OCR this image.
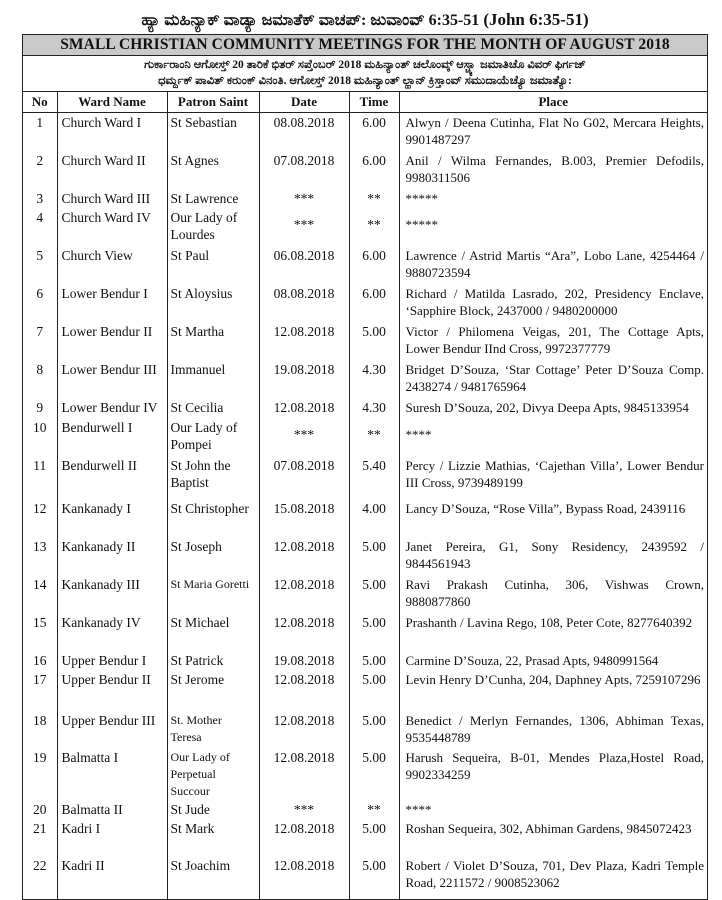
ಹ್ಯಾ ಮಹಿನ್ಯಾಕ್ ವಾಡ್ಯಾ ಜಮಾತೆಕ್ ವಾಚಪ್: ಜುವಾಂವ್ 6:35-51 (John 6:35-51)
SMALL CHRISTIAN COMMUNITY MEETINGS FOR THE MONTH OF AUGUST 2018
ಗುರ್ಕಾರಾಂನಿ ಆಗೋಸ್ತ್ 20 ತಾರಿಕೆ ಭಿತರ್ ಸಪ್ತೆಂಬರ್ 2018 ಮಹಿನ್ಯಾಂತ್ ಚಲೊಂವ್ಕ್ ಆಸ್ಚ್ಯಾ ಜಮಾತಿಚೊ ವಿವರ್ ಫಿರ್ಗಜ್
ಧರ್ಮ್ದಕ್ ಪಾವಿತ್ ಕರುಂಕ್ ವಿನಂತಿ. ಆಗೋಸ್ತ್ 2018 ಮಹಿನ್ಯಾಂತ್ ಲ್ಹಾನ್ ಕ್ರಿಸ್ತಾಂವ್ ಸಮುದಾಯೆಚ್ಯೊ ಜಮಾತ್ಯೊ:
No	Ward Name	Patron Saint	Date	Time	Place
1	Church Ward I	St Sebastian	08.08.2018	6.00	Alwyn / Deena Cutinha, Flat No G02, Mercara Heights, 9901487297
2	Church Ward II	St Agnes	07.08.2018	6.00	Anil / Wilma Fernandes, B.003, Premier Defodils, 9980311506
3	Church Ward III	St Lawrence	***	**	*****
4	Church Ward IV	Our Lady of Lourdes	***	**	*****
5	Church View	St Paul	06.08.2018	6.00	Lawrence / Astrid Martis “Ara”, Lobo Lane, 4254464 / 9880723594
6	Lower Bendur I	St Aloysius	08.08.2018	6.00	Richard / Matilda Lasrado, 202, Presidency Enclave, ‘Sapphire Block, 2437000 / 9480200000
7	Lower Bendur II	St Martha	12.08.2018	5.00	Victor / Philomena Veigas, 201, The Cottage Apts, Lower Bendur IInd Cross, 9972377779
8	Lower Bendur III	Immanuel	19.08.2018	4.30	Bridget D’Souza, ‘Star Cottage’ Peter D’Souza Comp. 2438274 / 9481765964
9	Lower Bendur IV	St Cecilia	12.08.2018	4.30	Suresh D’Souza, 202, Divya Deepa Apts, 9845133954
10	Bendurwell I	Our Lady of Pompei	***	**	****
11	Bendurwell II	St John the Baptist	07.08.2018	5.40	Percy / Lizzie Mathias, ‘Cajethan Villa’, Lower Bendur III Cross, 9739489199
12	Kankanady I	St Christopher	15.08.2018	4.00	Lancy D’Souza, “Rose Villa”, Bypass Road, 2439116
13	Kankanady II	St Joseph	12.08.2018	5.00	Janet Pereira, G1, Sony Residency, 2439592 / 9844561943
14	Kankanady III	St Maria Goretti	12.08.2018	5.00	Ravi Prakash Cutinha, 306, Vishwas Crown, 9880877860
15	Kankanady IV	St Michael	12.08.2018	5.00	Prashanth / Lavina Rego, 108, Peter Cote, 8277640392
16	Upper Bendur I	St Patrick	19.08.2018	5.00	Carmine D’Souza, 22, Prasad Apts, 9480991564
17	Upper Bendur II	St Jerome	12.08.2018	5.00	Levin Henry D’Cunha, 204, Daphney Apts, 7259107296
18	Upper Bendur III	St. Mother Teresa	12.08.2018	5.00	Benedict / Merlyn Fernandes, 1306, Abhiman Texas, 9535448789
19	Balmatta I	Our Lady of Perpetual Succour	12.08.2018	5.00	Harush Sequeira, B-01, Mendes Plaza,Hostel Road, 9902334259
20	Balmatta II	St Jude	***	**	****
21	Kadri I	St Mark	12.08.2018	5.00	Roshan Sequeira, 302, Abhiman Gardens, 9845072423
22	Kadri II	St Joachim	12.08.2018	5.00	Robert / Violet D’Souza, 701, Dev Plaza, Kadri Temple Road, 2211572 / 9008523062
